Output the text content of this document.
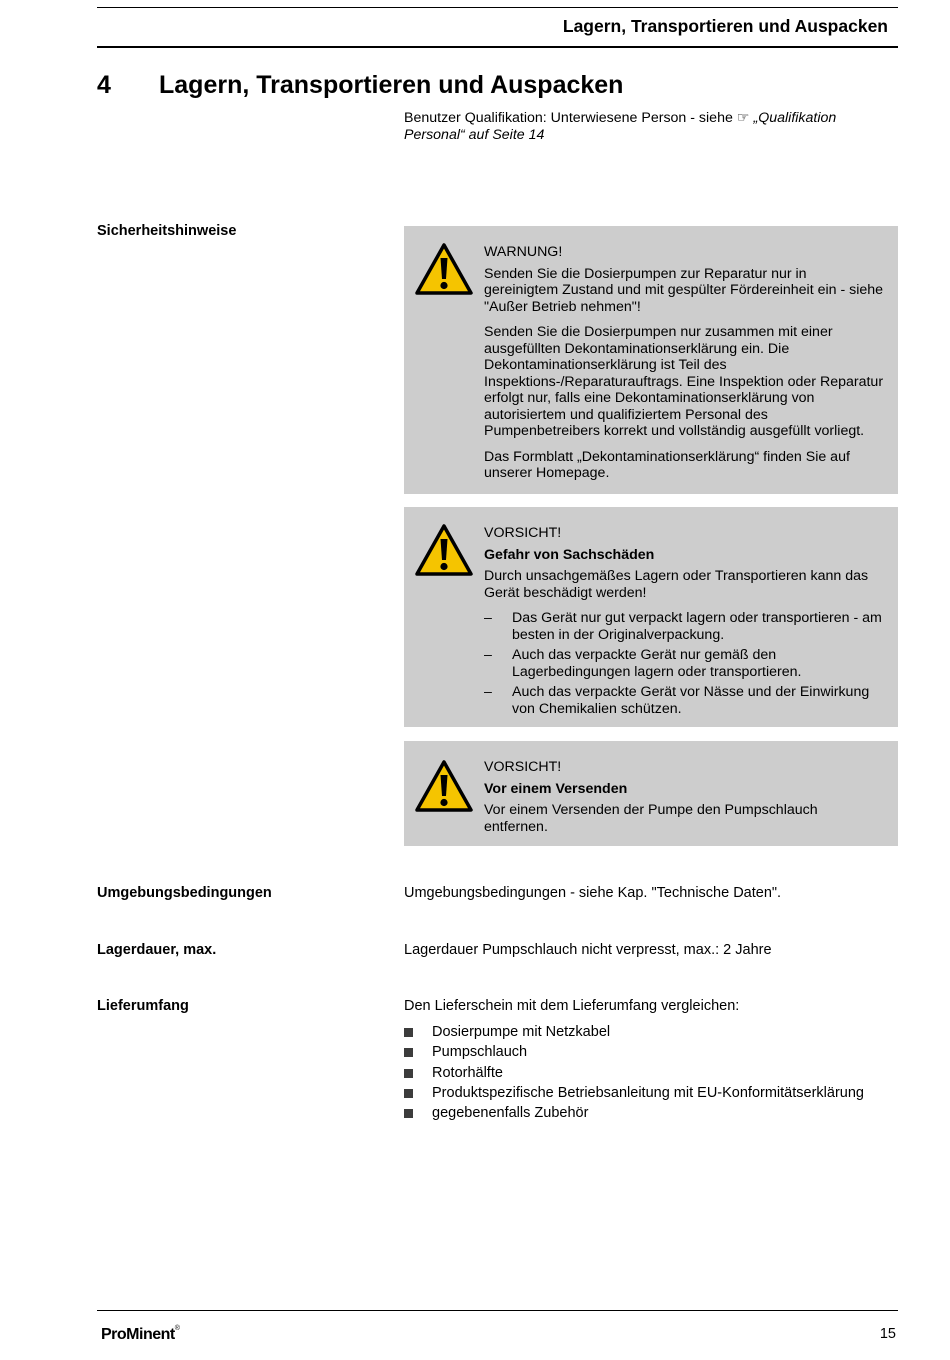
Lagern, Transportieren und Auspacken
4	Lagern, Transportieren und Auspacken
Benutzer Qualifikation: Unterwiesene Person - siehe ☞ „Qualifikation Personal“ auf Seite 14
Sicherheitshinweise

WARNUNG!

Senden Sie die Dosierpumpen zur Reparatur nur in gereinigtem Zustand und mit gespülter Fördereinheit ein - siehe "Außer Betrieb nehmen"!

Senden Sie die Dosierpumpen nur zusammen mit einer ausgefüllten Dekontaminationserklärung ein. Die Dekontaminationserklärung ist Teil des Inspektions-/Reparaturauftrags. Eine Inspektion oder Reparatur erfolgt nur, falls eine Dekontaminationserklärung von autorisiertem und qualifiziertem Personal des Pumpenbetreibers korrekt und vollständig ausgefüllt vorliegt.

Das Formblatt „Dekontaminationserklärung“ finden Sie auf unserer Homepage.

VORSICHT!

Gefahr von Sachschäden

Durch unsachgemäßes Lagern oder Transportieren kann das Gerät beschädigt werden!

– Das Gerät nur gut verpackt lagern oder transportieren - am besten in der Originalverpackung.
– Auch das verpackte Gerät nur gemäß den Lagerbedingungen lagern oder transportieren.
– Auch das verpackte Gerät vor Nässe und der Einwirkung von Chemikalien schützen.

VORSICHT!

Vor einem Versenden

Vor einem Versenden der Pumpe den Pumpschlauch entfernen.

Umgebungsbedingungen	Umgebungsbedingungen - siehe Kap. "Technische Daten".
Lagerdauer, max.	Lagerdauer Pumpschlauch nicht verpresst, max.: 2 Jahre
Lieferumfang	Den Lieferschein mit dem Lieferumfang vergleichen:
Dosierpumpe mit Netzkabel
Pumpschlauch
Rotorhälfte
Produktspezifische Betriebsanleitung mit EU-Konformitätserklärung
gegebenenfalls Zubehör
ProMinent®	15
